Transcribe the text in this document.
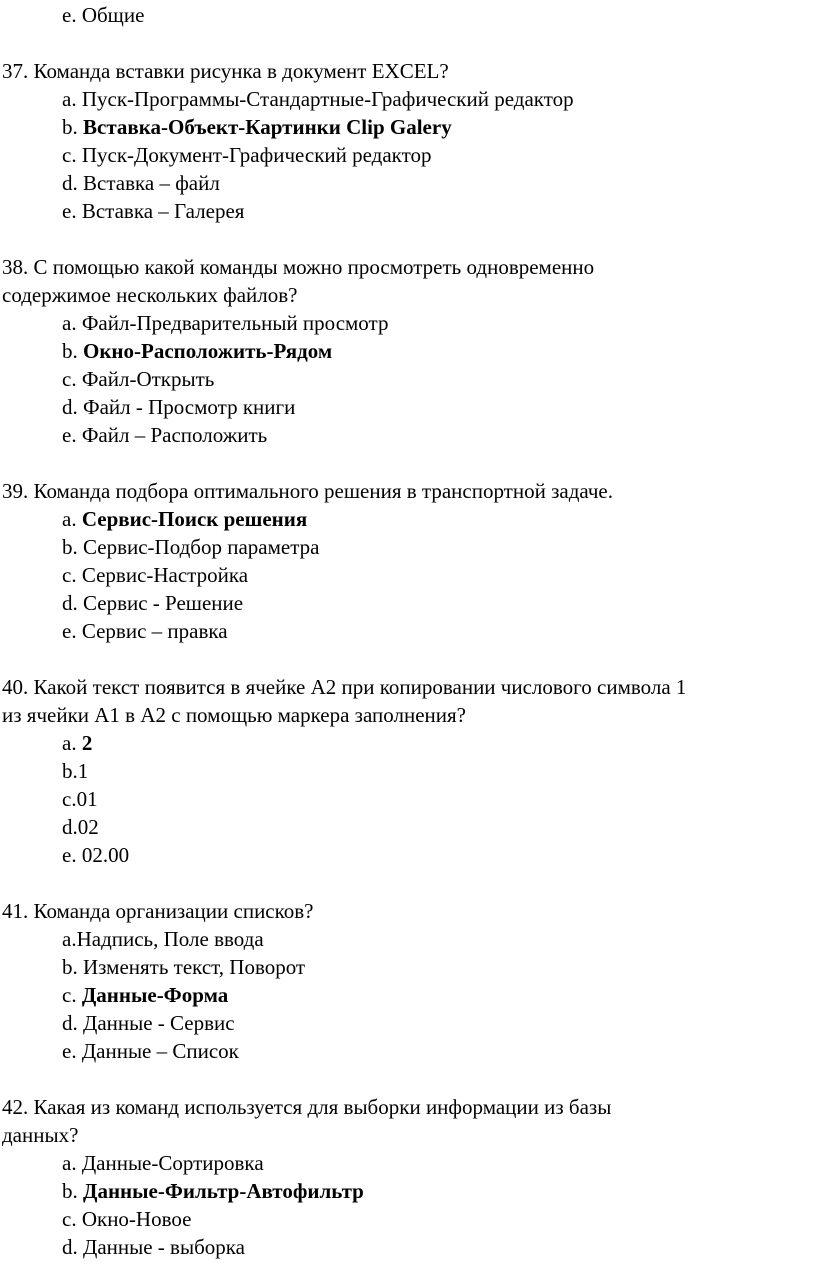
e. Общие
37. Команда вставки рисунка в документ EXCEL?
a. Пуск-Программы-Стандартные-Графический редактор
b. Вставка-Объект-Картинки Clip Galery
c. Пуск-Документ-Графический редактор
d. Вставка – файл
e. Вставка – Галерея
38. С помощью какой команды можно просмотреть одновременно
содержимое нескольких файлов?
a. Файл-Предварительный просмотр
b. Окно-Расположить-Рядом
c. Файл-Открыть
d. Файл - Просмотр книги
e. Файл – Расположить
39. Команда подбора оптимального решения в транспортной задаче.
a. Сервис-Поиск решения
b. Сервис-Подбор параметра
c. Сервис-Настройка
d. Сервис - Решение
e. Сервис – правка
40. Какой текст появится в ячейке А2 при копировании числового символа 1
из ячейки А1 в А2 с помощью маркера заполнения?
a. 2
b.1
c.01
d.02
e. 02.00
41. Команда организации списков?
a.Надпись, Поле ввода
b. Изменять текст, Поворот
c. Данные-Форма
d. Данные - Сервис
e. Данные – Список
42. Какая из команд используется для выборки информации из базы
данных?
a. Данные-Сортировка
b. Данные-Фильтр-Автофильтр
c. Окно-Новое
d. Данные - выборка
